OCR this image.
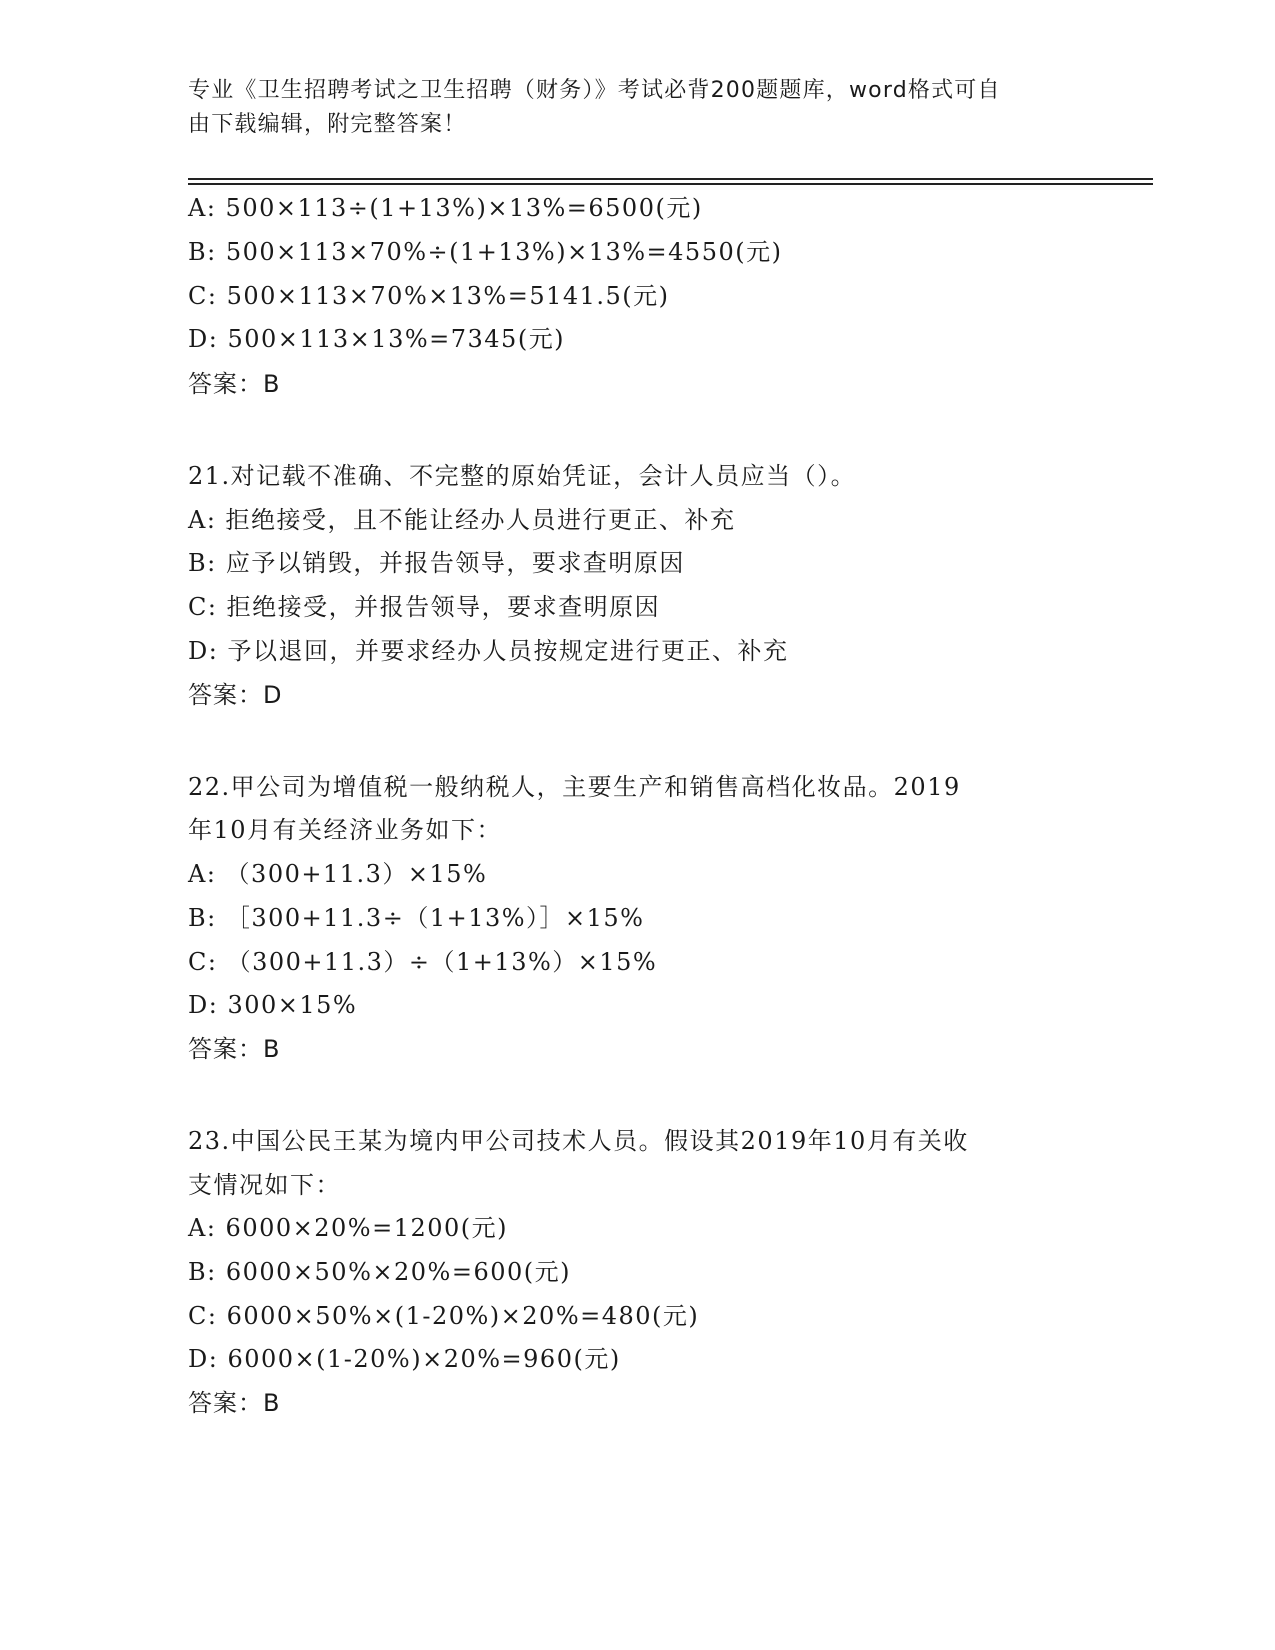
专业《卫生招聘考试之卫生招聘（财务）》考试必背200题题库，word格式可自
由下载编辑，附完整答案！
A: 500×113÷(1+13%)×13%=6500(元)
B: 500×113×70%÷(1+13%)×13%=4550(元)
C: 500×113×70%×13%=5141.5(元)
D: 500×113×13%=7345(元)
答案：B
21.对记载不准确、不完整的原始凭证，会计人员应当（）。
A: 拒绝接受，且不能让经办人员进行更正、补充
B: 应予以销毁，并报告领导，要求查明原因
C: 拒绝接受，并报告领导，要求查明原因
D: 予以退回，并要求经办人员按规定进行更正、补充
答案：D
22.甲公司为增值税一般纳税人，主要生产和销售高档化妆品。2019
年10月有关经济业务如下：
A: （300+11.3）×15%
B: ［300+11.3÷（1+13%）］×15%
C: （300+11.3）÷（1+13%）×15%
D: 300×15%
答案：B
23.中国公民王某为境内甲公司技术人员。假设其2019年10月有关收
支情况如下：
A: 6000×20%=1200(元)
B: 6000×50%×20%=600(元)
C: 6000×50%×(1-20%)×20%=480(元)
D: 6000×(1-20%)×20%=960(元)
答案：B
